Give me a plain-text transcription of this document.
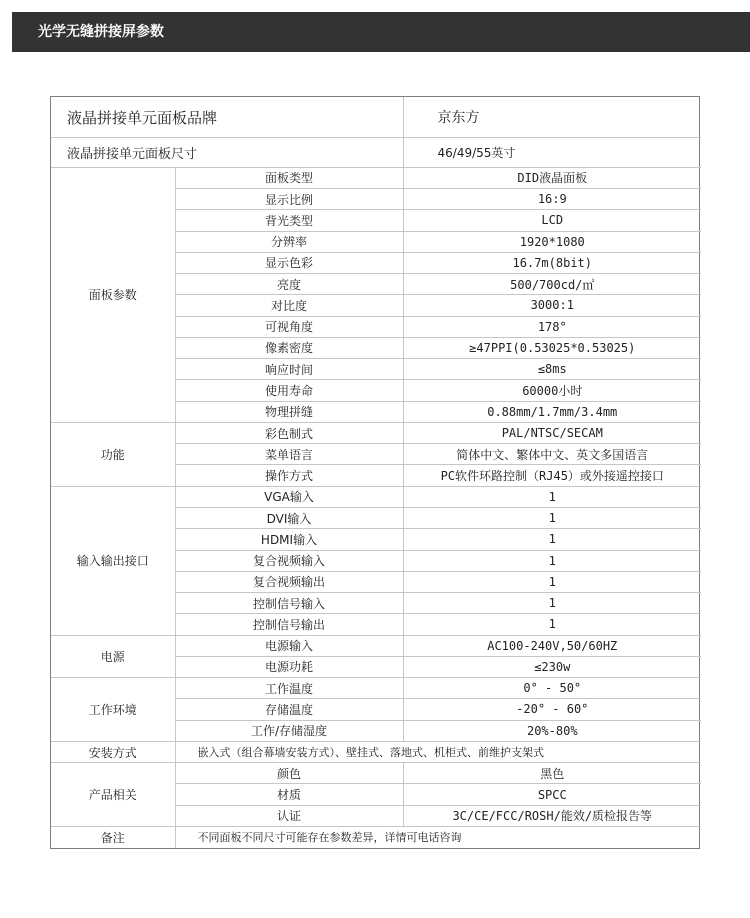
光学无缝拼接屏参数
液晶拼接单元面板品牌		京东方
液晶拼接单元面板尺寸		46/49/55英寸
面板参数	面板类型	DID液晶面板
	显示比例	16:9
	背光类型	LCD
	分辨率	1920*1080
	显示色彩	16.7m(8bit)
	亮度	500/700cd/㎡
	对比度	3000:1
	可视角度	178°
	像素密度	≥47PPI(0.53025*0.53025)
	响应时间	≤8ms
	使用寿命	60000小时
	物理拼缝	0.88mm/1.7mm/3.4mm
功能	彩色制式	PAL/NTSC/SECAM
	菜单语言	简体中文、繁体中文、英文多国语言
	操作方式	PC软件环路控制（RJ45）或外接遥控接口
输入输出接口	VGA输入	1
	DVI输入	1
	HDMI输入	1
	复合视频输入	1
	复合视频输出	1
	控制信号输入	1
	控制信号输出	1
电源	电源输入	AC100-240V,50/60HZ
	电源功耗	≤230w
工作环境	工作温度	0° - 50°
	存储温度	-20° - 60°
	工作/存储湿度	20%-80%
安装方式	嵌入式（组合幕墙安装方式）、壁挂式、落地式、机柜式、前维护支架式	
产品相关	颜色	黑色
	材质	SPCC
	认证	3C/CE/FCC/ROSH/能效/质检报告等
备注	不同面板不同尺寸可能存在参数差异，详情可电话咨询	
